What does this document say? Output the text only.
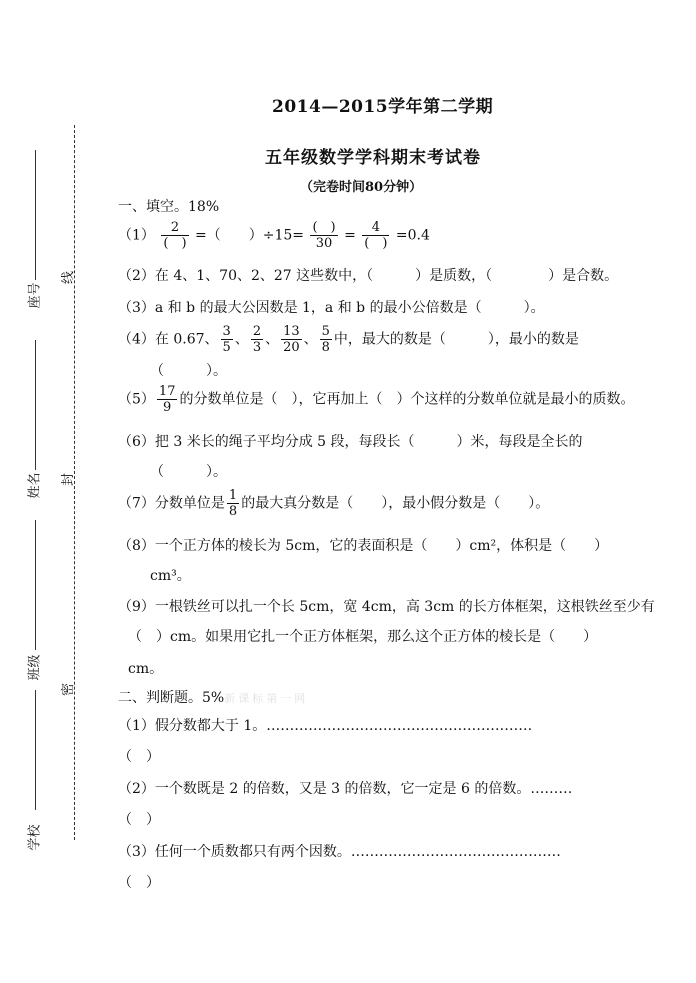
2014—2015学年第二学期
五年级数学学科期末考试卷
（完卷时间80分钟）
座号
姓名
班级
学校
线
封
密
一、填空。18%
$(1) \frac{2}{( )}$ =（　　）$\div 15= \frac{( )}{30} = \frac{4}{( )} =0.4$
（2）在 4、1、70、2、27 这些数中，（　　　）是质数，（　　　　）是合数。
（3）a 和 b 的最大公因数是 1，a 和 b 的最小公倍数是（　　　）。
（4）在 0.67、 $\frac{3}{5}$ 、 $\frac{2}{3}$ 、 $\frac{13}{20}$ 、 $\frac{5}{8}$ 中，最大的数是（　　　），最小的数是
（　　　）。
$(5) \frac{17}{9}$ 的分数单位是（　），它再加上（　）个这样的分数单位就是最小的质数。
（6）把 3 米长的绳子平均分成 5 段，每段长（　　　）米，每段是全长的
（　　　）。
（7）分数单位是 $\frac{1}{8}$ 的最大真分数是（　　），最小假分数是（　　）。
（8）一个正方体的棱长为 5cm，它的表面积是（　　）cm²，体积是（　　）
cm³。
（9）一根铁丝可以扎一个长 5cm，宽 4cm，高 3cm 的长方体框架，这根铁丝至少有
（　）cm。如果用它扎一个正方体框架，那么这个正方体的棱长是（　　）
cm。
二、判断题。5%新课标第一网
（1）假分数都大于 1。…………………………………………………
（　）
（2）一个数既是 2 的倍数，又是 3 的倍数，它一定是 6 的倍数。………
（　）
（3）任何一个质数都只有两个因数。………………………………………
（　）
